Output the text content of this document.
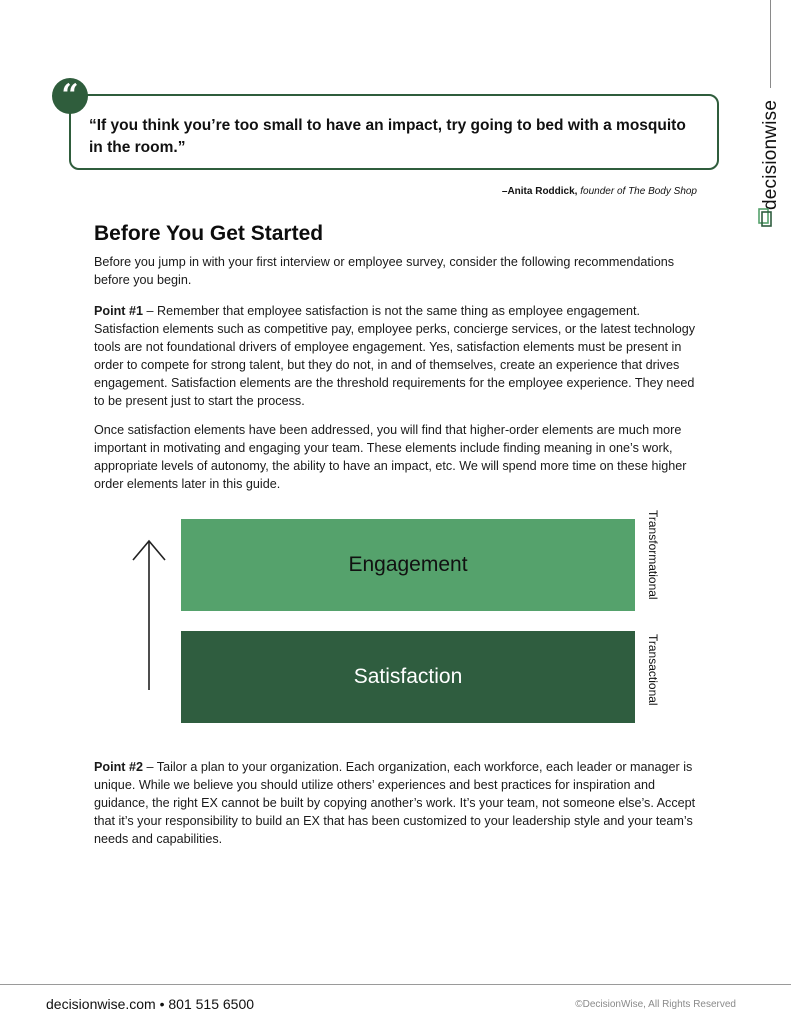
decisionwise
“
“If you think you’re too small to have an impact, try going to bed with a mosquito in the room.”
–Anita Roddick, founder of The Body Shop
Before You Get Started
Before you jump in with your first interview or employee survey, consider the following recommendations before you begin.
Point #1 – Remember that employee satisfaction is not the same thing as employee engagement. Satisfaction elements such as competitive pay, employee perks, concierge services, or the latest technology tools are not foundational drivers of employee engagement. Yes, satisfaction elements must be present in order to compete for strong talent, but they do not, in and of themselves, create an experience that drives engagement. Satisfaction elements are the threshold requirements for the employee experience. They need to be present just to start the process.
Once satisfaction elements have been addressed, you will find that higher-order elements are much more important in motivating and engaging your team. These elements include finding meaning in one’s work, appropriate levels of autonomy, the ability to have an impact, etc. We will spend more time on these higher order elements later in this guide.
Engagement
Satisfaction
Transformational
Transactional
Point #2 – Tailor a plan to your organization. Each organization, each workforce, each leader or manager is unique. While we believe you should utilize others’ experiences and best practices for inspiration and guidance, the right EX cannot be built by copying another’s work. It’s your team, not someone else’s. Accept that it’s your responsibility to build an EX that has been customized to your leadership style and your team’s needs and capabilities.
decisionwise.com • 801 515 6500	©DecisionWise, All Rights Reserved
